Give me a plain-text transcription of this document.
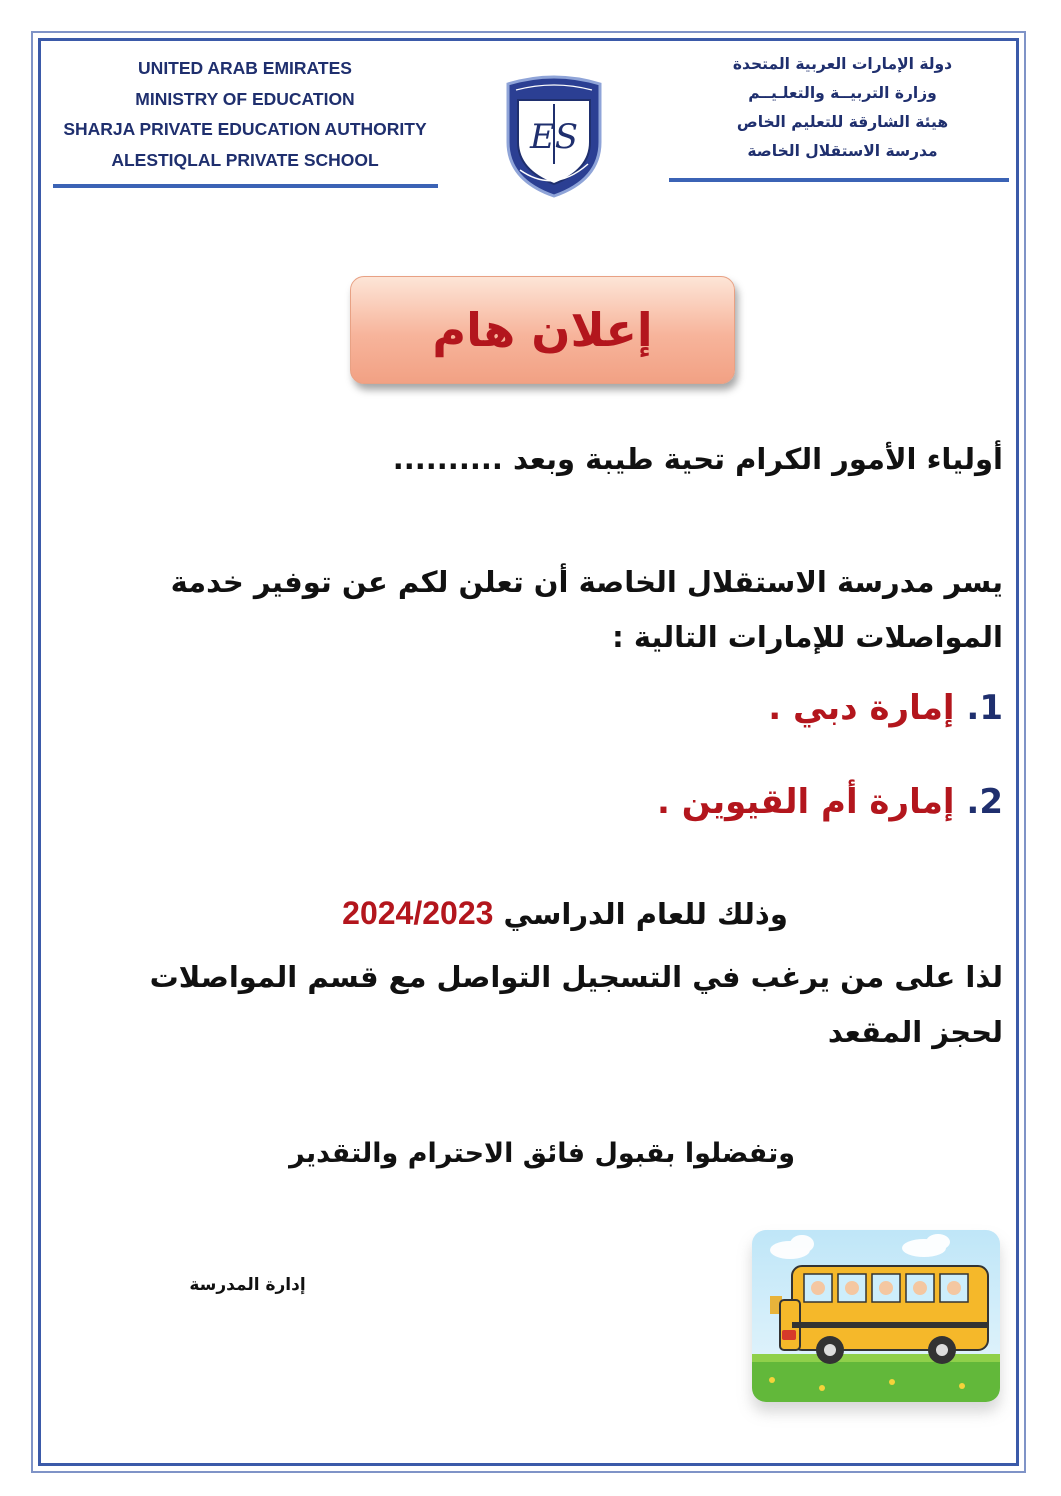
UNITED ARAB EMIRATES
MINISTRY OF EDUCATION
SHARJA PRIVATE EDUCATION AUTHORITY
ALESTIQLAL PRIVATE SCHOOL
دولة الإمارات العربية المتحدة
وزارة التربيــة والتعلـيــم
هيئة الشارقة للتعليم الخاص
مدرسة الاستقلال الخاصة
ES
إعلان هام
أولياء الأمور الكرام تحية طيبة وبعد ..........
يسر مدرسة الاستقلال الخاصة أن تعلن لكم عن توفير خدمة المواصلات للإمارات التالية :
1. إمارة دبي .
2. إمارة أم القيوين .
وذلك للعام الدراسي 2024/2023
لذا على من يرغب في التسجيل التواصل مع قسم المواصلات لحجز المقعد
وتفضلوا بقبول فائق الاحترام والتقدير
إدارة المدرسة
